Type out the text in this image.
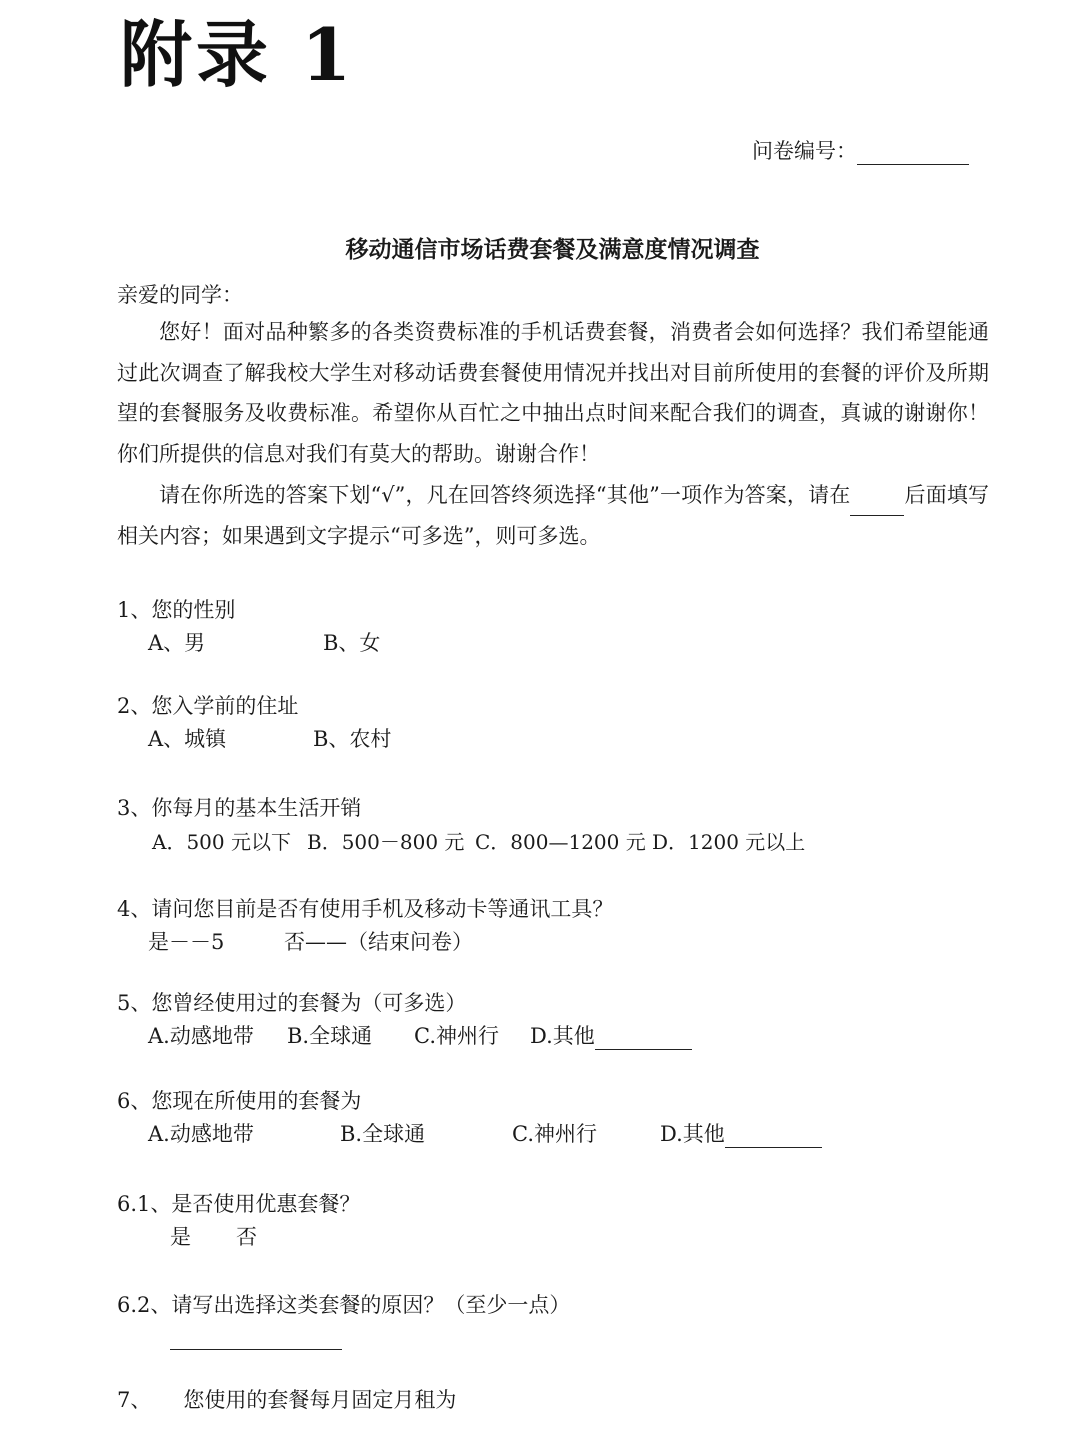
附录 1
问卷编号：
移动通信市场话费套餐及满意度情况调查
亲爱的同学：

您好！面对品种繁多的各类资费标准的手机话费套餐，消费者会如何选择？我们希望能通过此次调查了解我校大学生对移动话费套餐使用情况并找出对目前所使用的套餐的评价及所期望的套餐服务及收费标准。希望你从百忙之中抽出点时间来配合我们的调查，真诚的谢谢你！你们所提供的信息对我们有莫大的帮助。谢谢合作！

请在你所选的答案下划“√”，凡在回答终须选择“其他”一项作为答案，请在	后面填写相关内容；如果遇到文字提示“可多选”，则可多选。

1、您的性别
A、男	B、女
2、您入学前的住址
A、城镇	B、农村
3、你每月的基本生活开销
A．500 元以下 B．500－800 元 C．800—1200 元 D．1200 元以上
4、请问您目前是否有使用手机及移动卡等通讯工具？
是－－5	否——（结束问卷）
5、您曾经使用过的套餐为（可多选）
A.动感地带 B.全球通 C.神州行 D.其他
6、您现在所使用的套餐为
A.动感地带	B.全球通	C.神州行	D.其他
6.1、是否使用优惠套餐？
是 否
6.2、请写出选择这类套餐的原因？（至少一点）
7、 您使用的套餐每月固定月租为
